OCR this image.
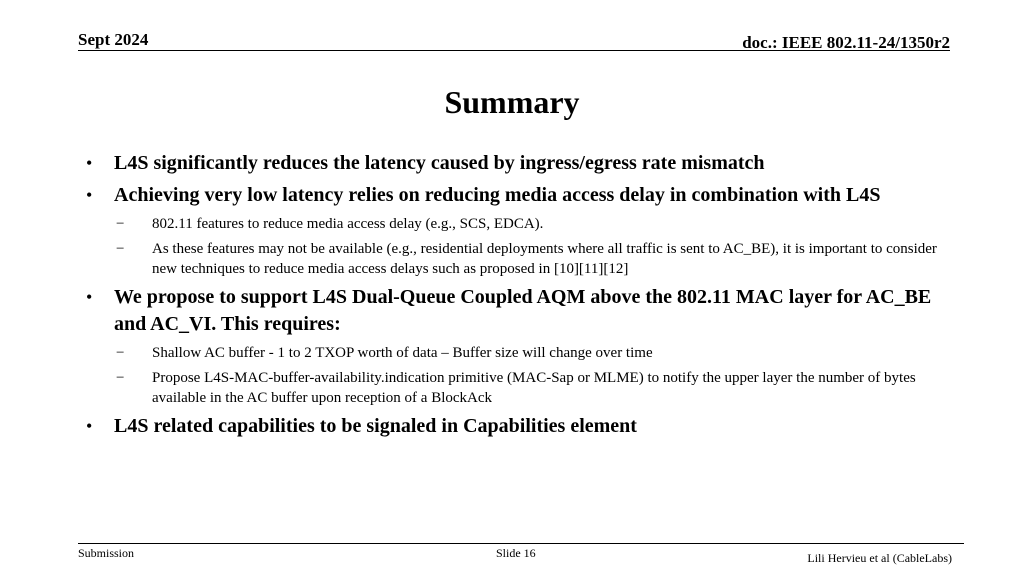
Sept 2024	doc.: IEEE 802.11-24/1350r2
Summary
• L4S significantly reduces the latency caused by ingress/egress rate mismatch
• Achieving very low latency relies on reducing media access delay in combination with L4S
− 802.11 features to reduce media access delay (e.g., SCS, EDCA).
− As these features may not be available (e.g., residential deployments where all traffic is sent to AC_BE), it is important to consider new techniques to reduce media access delays such as proposed in [10][11][12]
• We propose to support L4S Dual-Queue Coupled AQM above the 802.11 MAC layer for AC_BE and AC_VI. This requires:
− Shallow AC buffer - 1 to 2 TXOP worth of data – Buffer size will change over time
− Propose L4S-MAC-buffer-availability.indication primitive (MAC-Sap or MLME) to notify the upper layer the number of bytes available in the AC buffer upon reception of a BlockAck
• L4S related capabilities to be signaled in Capabilities element
Submission	Slide 16	Lili Hervieu et al (CableLabs)
